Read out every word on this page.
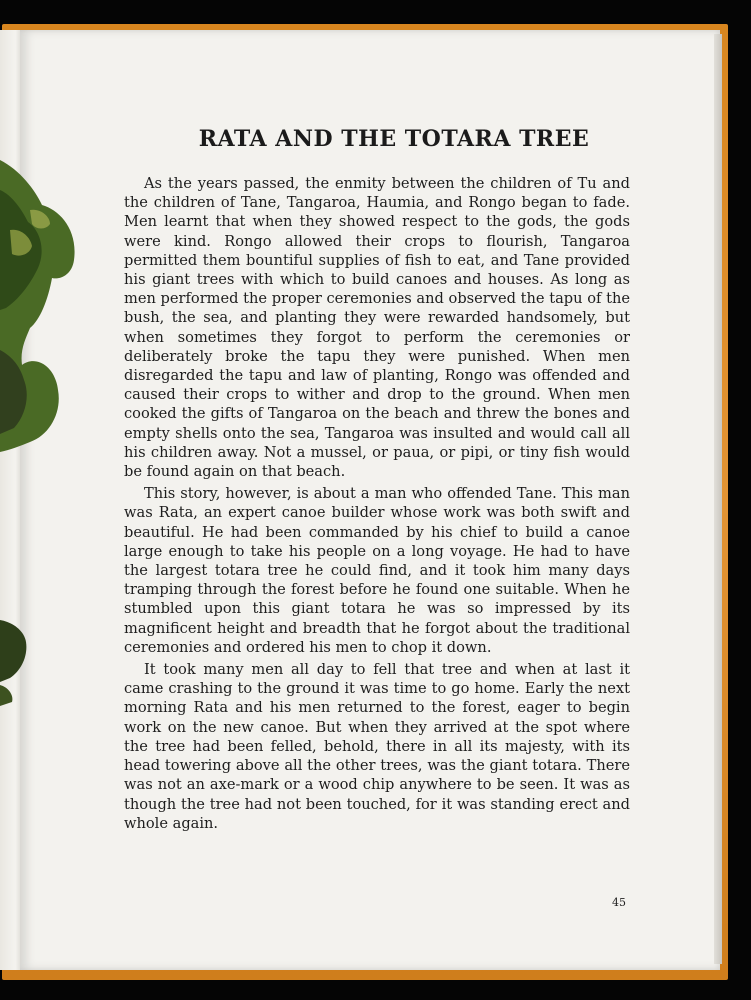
RATA AND THE TOTARA TREE

As the years passed, the enmity between the children of Tu and the children of Tane, Tangaroa, Haumia, and Rongo began to fade. Men learnt that when they showed respect to the gods, the gods were kind. Rongo allowed their crops to flourish, Tangaroa permitted them bountiful supplies of fish to eat, and Tane provided his giant trees with which to build canoes and houses. As long as men performed the proper ceremonies and observed the tapu of the bush, the sea, and planting they were rewarded handsomely, but when sometimes they forgot to perform the ceremonies or deliberately broke the tapu they were punished. When men disregarded the tapu and law of planting, Rongo was offended and caused their crops to wither and drop to the ground. When men cooked the gifts of Tangaroa on the beach and threw the bones and empty shells onto the sea, Tangaroa was insulted and would call all his children away. Not a mussel, or paua, or pipi, or tiny fish would be found again on that beach.

This story, however, is about a man who offended Tane. This man was Rata, an expert canoe builder whose work was both swift and beautiful. He had been commanded by his chief to build a canoe large enough to take his people on a long voyage. He had to have the largest totara tree he could find, and it took him many days tramping through the forest before he found one suitable. When he stumbled upon this giant totara he was so impressed by its magnificent height and breadth that he forgot about the traditional ceremonies and ordered his men to chop it down.

It took many men all day to fell that tree and when at last it came crashing to the ground it was time to go home. Early the next morning Rata and his men returned to the forest, eager to begin work on the new canoe. But when they arrived at the spot where the tree had been felled, behold, there in all its majesty, with its head towering above all the other trees, was the giant totara. There was not an axe-mark or a wood chip anywhere to be seen. It was as though the tree had not been touched, for it was standing erect and whole again.

45
